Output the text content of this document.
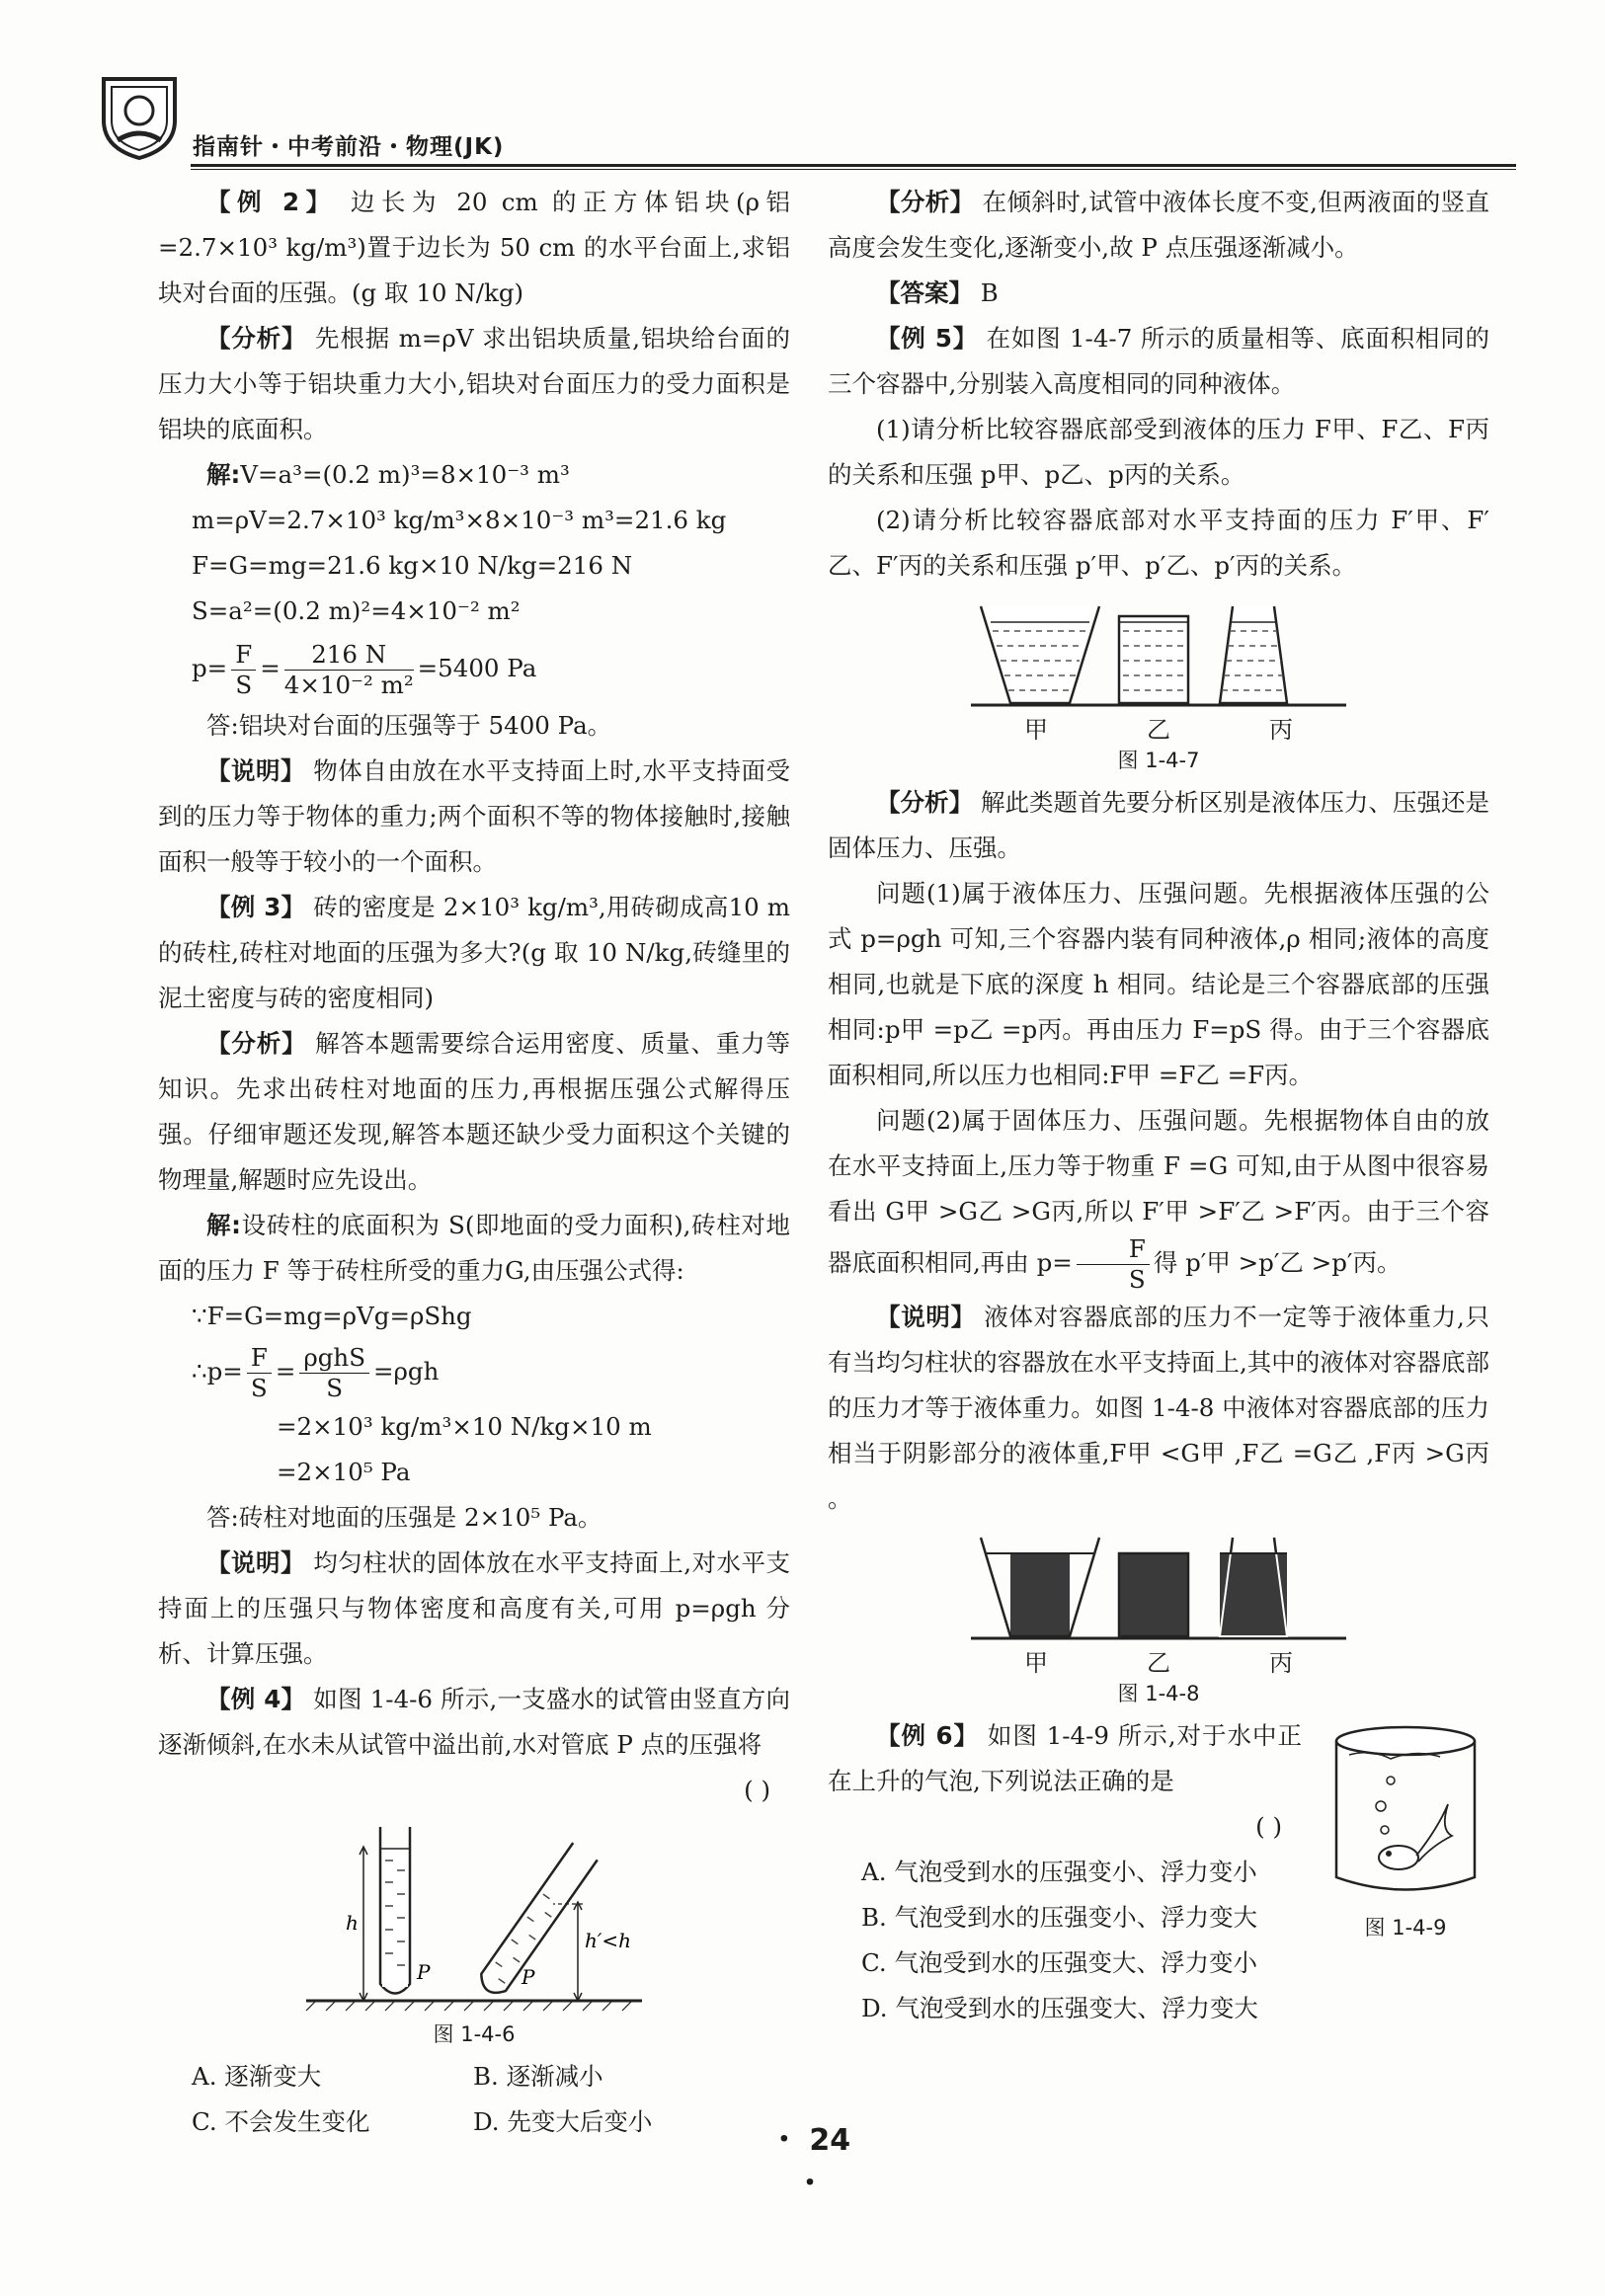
指南针・中考前沿・物理(JK)

【例 2】 边长为 20 cm 的正方体铝块(ρ铝 =2.7×10³ kg/m³)置于边长为 50 cm 的水平台面上,求铝块对台面的压强。(g 取 10 N/kg)

【分析】 先根据 m=ρV 求出铝块质量,铝块给台面的压力大小等于铝块重力大小,铝块对台面压力的受力面积是铝块的底面积。

解:V=a³=(0.2 m)³=8×10⁻³ m³

m=ρV=2.7×10³ kg/m³×8×10⁻³ m³=21.6 kg

F=G=mg=21.6 kg×10 N/kg=216 N

S=a²=(0.2 m)²=4×10⁻² m²

$p= \frac{F}{S} = \frac{216 N}{\text{4×10⁻² m²}} =5400$ Pa

答:铝块对台面的压强等于 5400 Pa。

【说明】 物体自由放在水平支持面上时,水平支持面受到的压力等于物体的重力;两个面积不等的物体接触时,接触面积一般等于较小的一个面积。

【例 3】 砖的密度是 2×10³ kg/m³,用砖砌成高10 m的砖柱,砖柱对地面的压强为多大?(g 取 10 N/kg,砖缝里的泥土密度与砖的密度相同)

【分析】 解答本题需要综合运用密度、质量、重力等知识。先求出砖柱对地面的压力,再根据压强公式解得压强。仔细审题还发现,解答本题还缺少受力面积这个关键的物理量,解题时应先设出。

解:设砖柱的底面积为 S(即地面的受力面积),砖柱对地面的压力 F 等于砖柱所受的重力G,由压强公式得:

∵F=G=mg=ρVg=ρShg

∴p= $\frac{F}{S} = \frac{\text{ρghS}}{S} =\rho gh$

=2×10³ kg/m³×10 N/kg×10 m

=2×10⁵ Pa

答:砖柱对地面的压强是 2×10⁵ Pa。

【说明】 均匀柱状的固体放在水平支持面上,对水平支持面上的压强只与物体密度和高度有关,可用 p=ρgh 分析、计算压强。

【例 4】 如图 1-4-6 所示,一支盛水的试管由竖直方向逐渐倾斜,在水未从试管中溢出前,水对管底 P 点的压强将

( )

h
P
h′<h
P
图 1-4-6
A. 逐渐变大	B. 逐渐减小
C. 不会发生变化	D. 先变大后变小

【分析】 在倾斜时,试管中液体长度不变,但两液面的竖直高度会发生变化,逐渐变小,故 P 点压强逐渐减小。

【答案】 B

【例 5】 在如图 1-4-7 所示的质量相等、底面积相同的三个容器中,分别装入高度相同的同种液体。

(1)请分析比较容器底部受到液体的压力 F甲、F乙、F丙的关系和压强 p甲、p乙、p丙的关系。

(2)请分析比较容器底部对水平支持面的压力 F′甲、F′乙、F′丙的关系和压强 p′甲、p′乙、p′丙的关系。

甲	乙	丙
图 1-4-7

【分析】 解此类题首先要分析区别是液体压力、压强还是固体压力、压强。

问题(1)属于液体压力、压强问题。先根据液体压强的公式 p=ρgh 可知,三个容器内装有同种液体,ρ 相同;液体的高度相同,也就是下底的深度 h 相同。结论是三个容器底部的压强相同:p甲 =p乙 =p丙。再由压力 F=pS 得。由于三个容器底面积相同,所以压力也相同:F甲 =F乙 =F丙。

问题(2)属于固体压力、压强问题。先根据物体自由的放在水平支持面上,压力等于物重 F =G 可知,由于从图中很容易看出 G甲 >G乙 >G丙,所以 F′甲 >F′乙 >F′丙。由于三个容器底面积相同,再由 $p= \frac{F}{S}$ 得 p′甲 >p′乙 >p′丙。

【说明】 液体对容器底部的压力不一定等于液体重力,只有当均匀柱状的容器放在水平支持面上,其中的液体对容器底部的压力才等于液体重力。如图 1-4-8 中液体对容器底部的压力相当于阴影部分的液体重,F甲 <G甲 ,F乙 =G乙 ,F丙 >G丙 。

甲	乙	丙
图 1-4-8

【例 6】 如图 1-4-9 所示,对于水中正在上升的气泡,下列说法正确的是

( )

A. 气泡受到水的压强变小、浮力变小

B. 气泡受到水的压强变小、浮力变大

C. 气泡受到水的压强变大、浮力变小

D. 气泡受到水的压强变大、浮力变大

图 1-4-9
・ 24 ・
